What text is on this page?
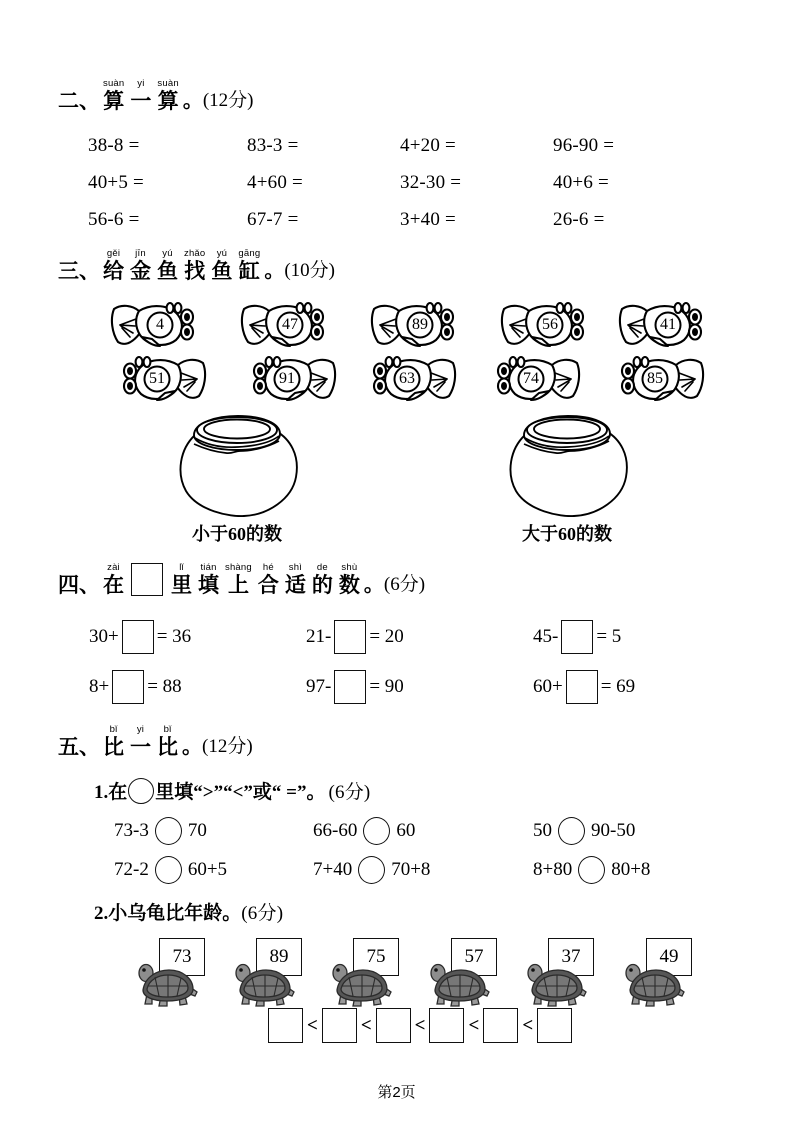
二、
suàn
算
yi
一
suàn
算 。 (12分)
38-8 =	83-3 =	4+20 =	96-90 =
40+5 =	4+60 =	32-30 =	40+6 =
56-6 =	67-7 =	3+40 =	26-6 =
三、
gěi
给
jīn
金
yú
鱼
zhǎo
找
yú
鱼
gāng
缸 。 (10分)
4	47	89	56	41
51	91	63	74	85
小于60的数	大于60的数
四、
zài
在
lǐ
里
tián
填
shàng
上
hé
合
shì
适
de
的
shù
数 。 (6分)
30+ = 36	21- = 20	45- = 5
8+ = 88	97- = 90	60+ = 69
五、
bǐ
比
yi
一
bǐ
比 。 (12分)
1.在 里填“>”“<”或“ =”。 (6分)
73-3 70	66-60 60	50 90-50
72-2 60+5	7+40 70+8	8+80 80+8
2.小乌龟比年龄。 (6分)
73	89	75	57	37	49
< < < < <
第2页
